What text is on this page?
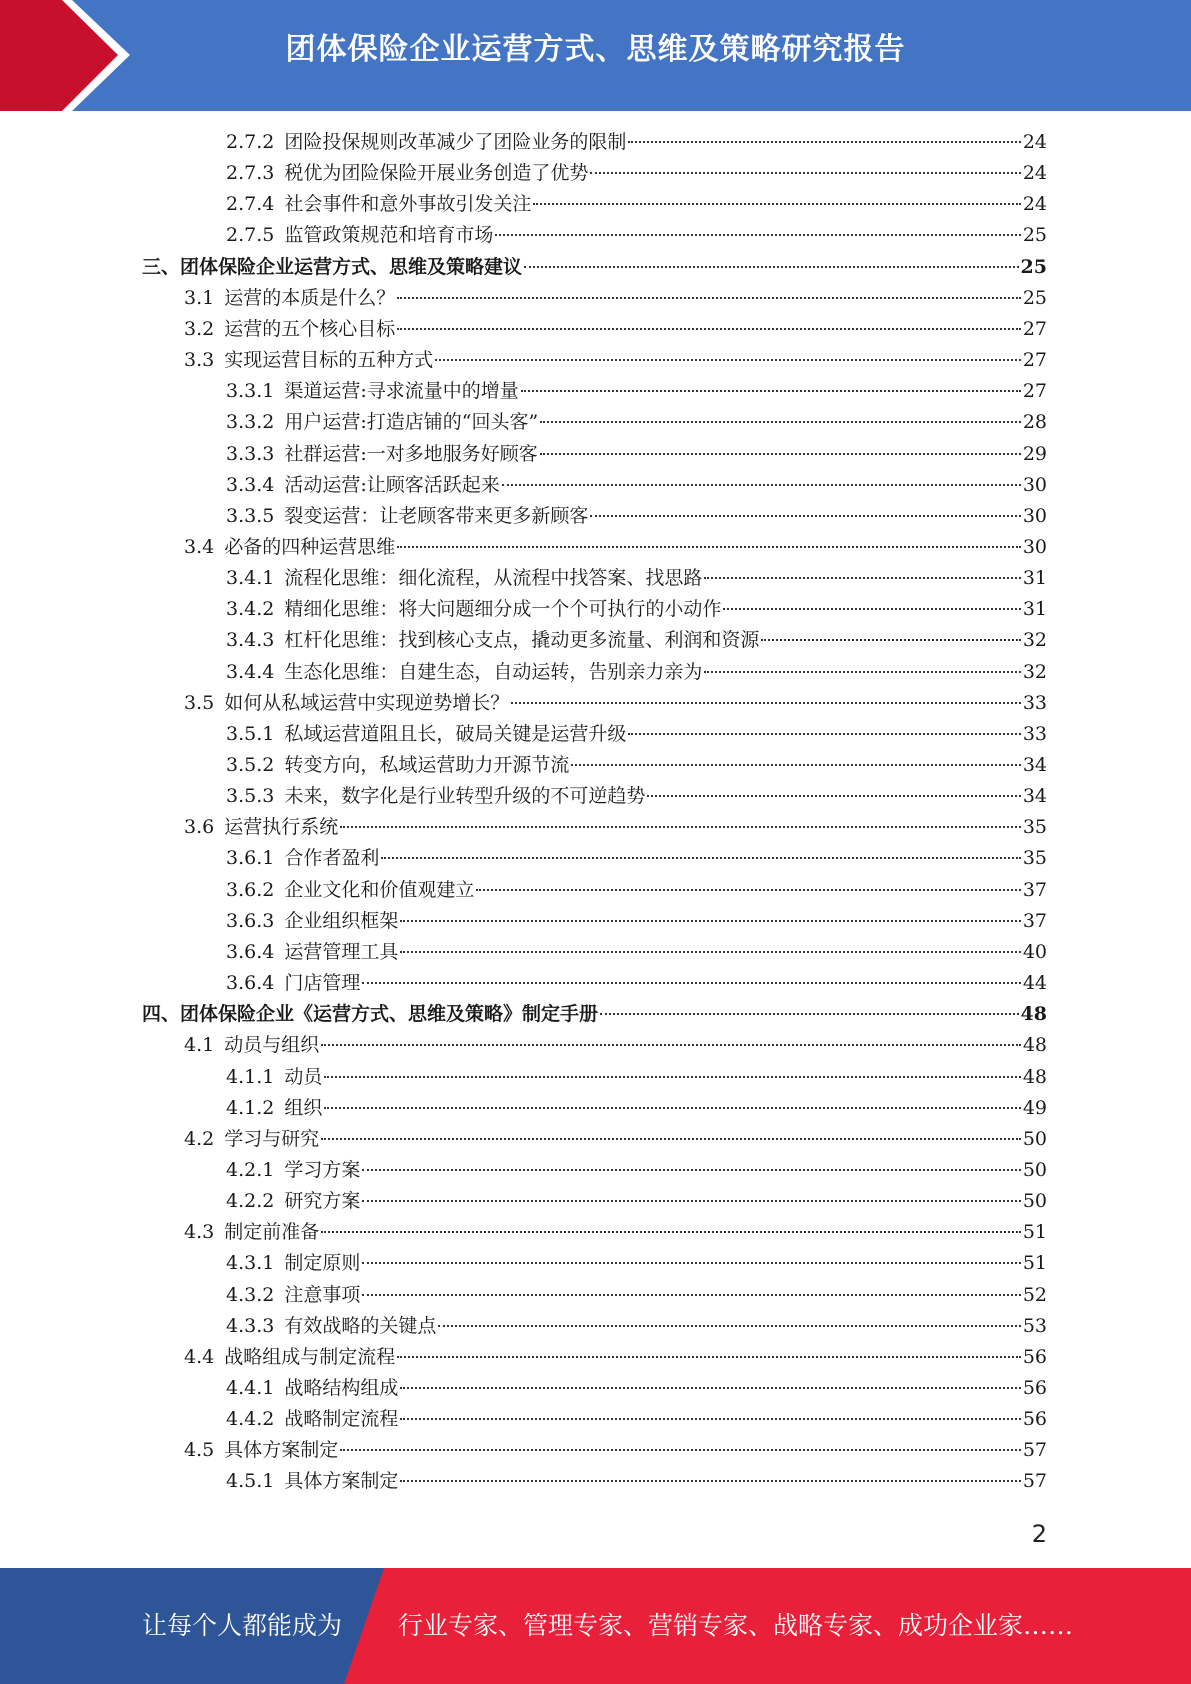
团体保险企业运营方式、思维及策略研究报告
2.7.2 团险投保规则改革减少了团险业务的限制	24
2.7.3 税优为团险保险开展业务创造了优势	24
2.7.4 社会事件和意外事故引发关注	24
2.7.5 监管政策规范和培育市场	25
三、团体保险企业运营方式、思维及策略建议	25
3.1 运营的本质是什么？	25
3.2 运营的五个核心目标	27
3.3 实现运营目标的五种方式	27
3.3.1 渠道运营:寻求流量中的增量	27
3.3.2 用户运营:打造店铺的“回头客”	28
3.3.3 社群运营:一对多地服务好顾客	29
3.3.4 活动运营:让顾客活跃起来	30
3.3.5 裂变运营：让老顾客带来更多新顾客	30
3.4 必备的四种运营思维	30
3.4.1 流程化思维：细化流程，从流程中找答案、找思路	31
3.4.2 精细化思维：将大问题细分成一个个可执行的小动作	31
3.4.3 杠杆化思维：找到核心支点，撬动更多流量、利润和资源	32
3.4.4 生态化思维：自建生态，自动运转，告别亲力亲为	32
3.5 如何从私域运营中实现逆势增长？	33
3.5.1 私域运营道阻且长，破局关键是运营升级	33
3.5.2 转变方向，私域运营助力开源节流	34
3.5.3 未来，数字化是行业转型升级的不可逆趋势	34
3.6 运营执行系统	35
3.6.1 合作者盈利	35
3.6.2 企业文化和价值观建立	37
3.6.3 企业组织框架	37
3.6.4 运营管理工具	40
3.6.4 门店管理	44
四、团体保险企业《运营方式、思维及策略》制定手册	48
4.1 动员与组织	48
4.1.1 动员	48
4.1.2 组织	49
4.2 学习与研究	50
4.2.1 学习方案	50
4.2.2 研究方案	50
4.3 制定前准备	51
4.3.1 制定原则	51
4.3.2 注意事项	52
4.3.3 有效战略的关键点	53
4.4 战略组成与制定流程	56
4.4.1 战略结构组成	56
4.4.2 战略制定流程	56
4.5 具体方案制定	57
4.5.1 具体方案制定	57
2
让每个人都能成为 行业专家、管理专家、营销专家、战略专家、成功企业家……
